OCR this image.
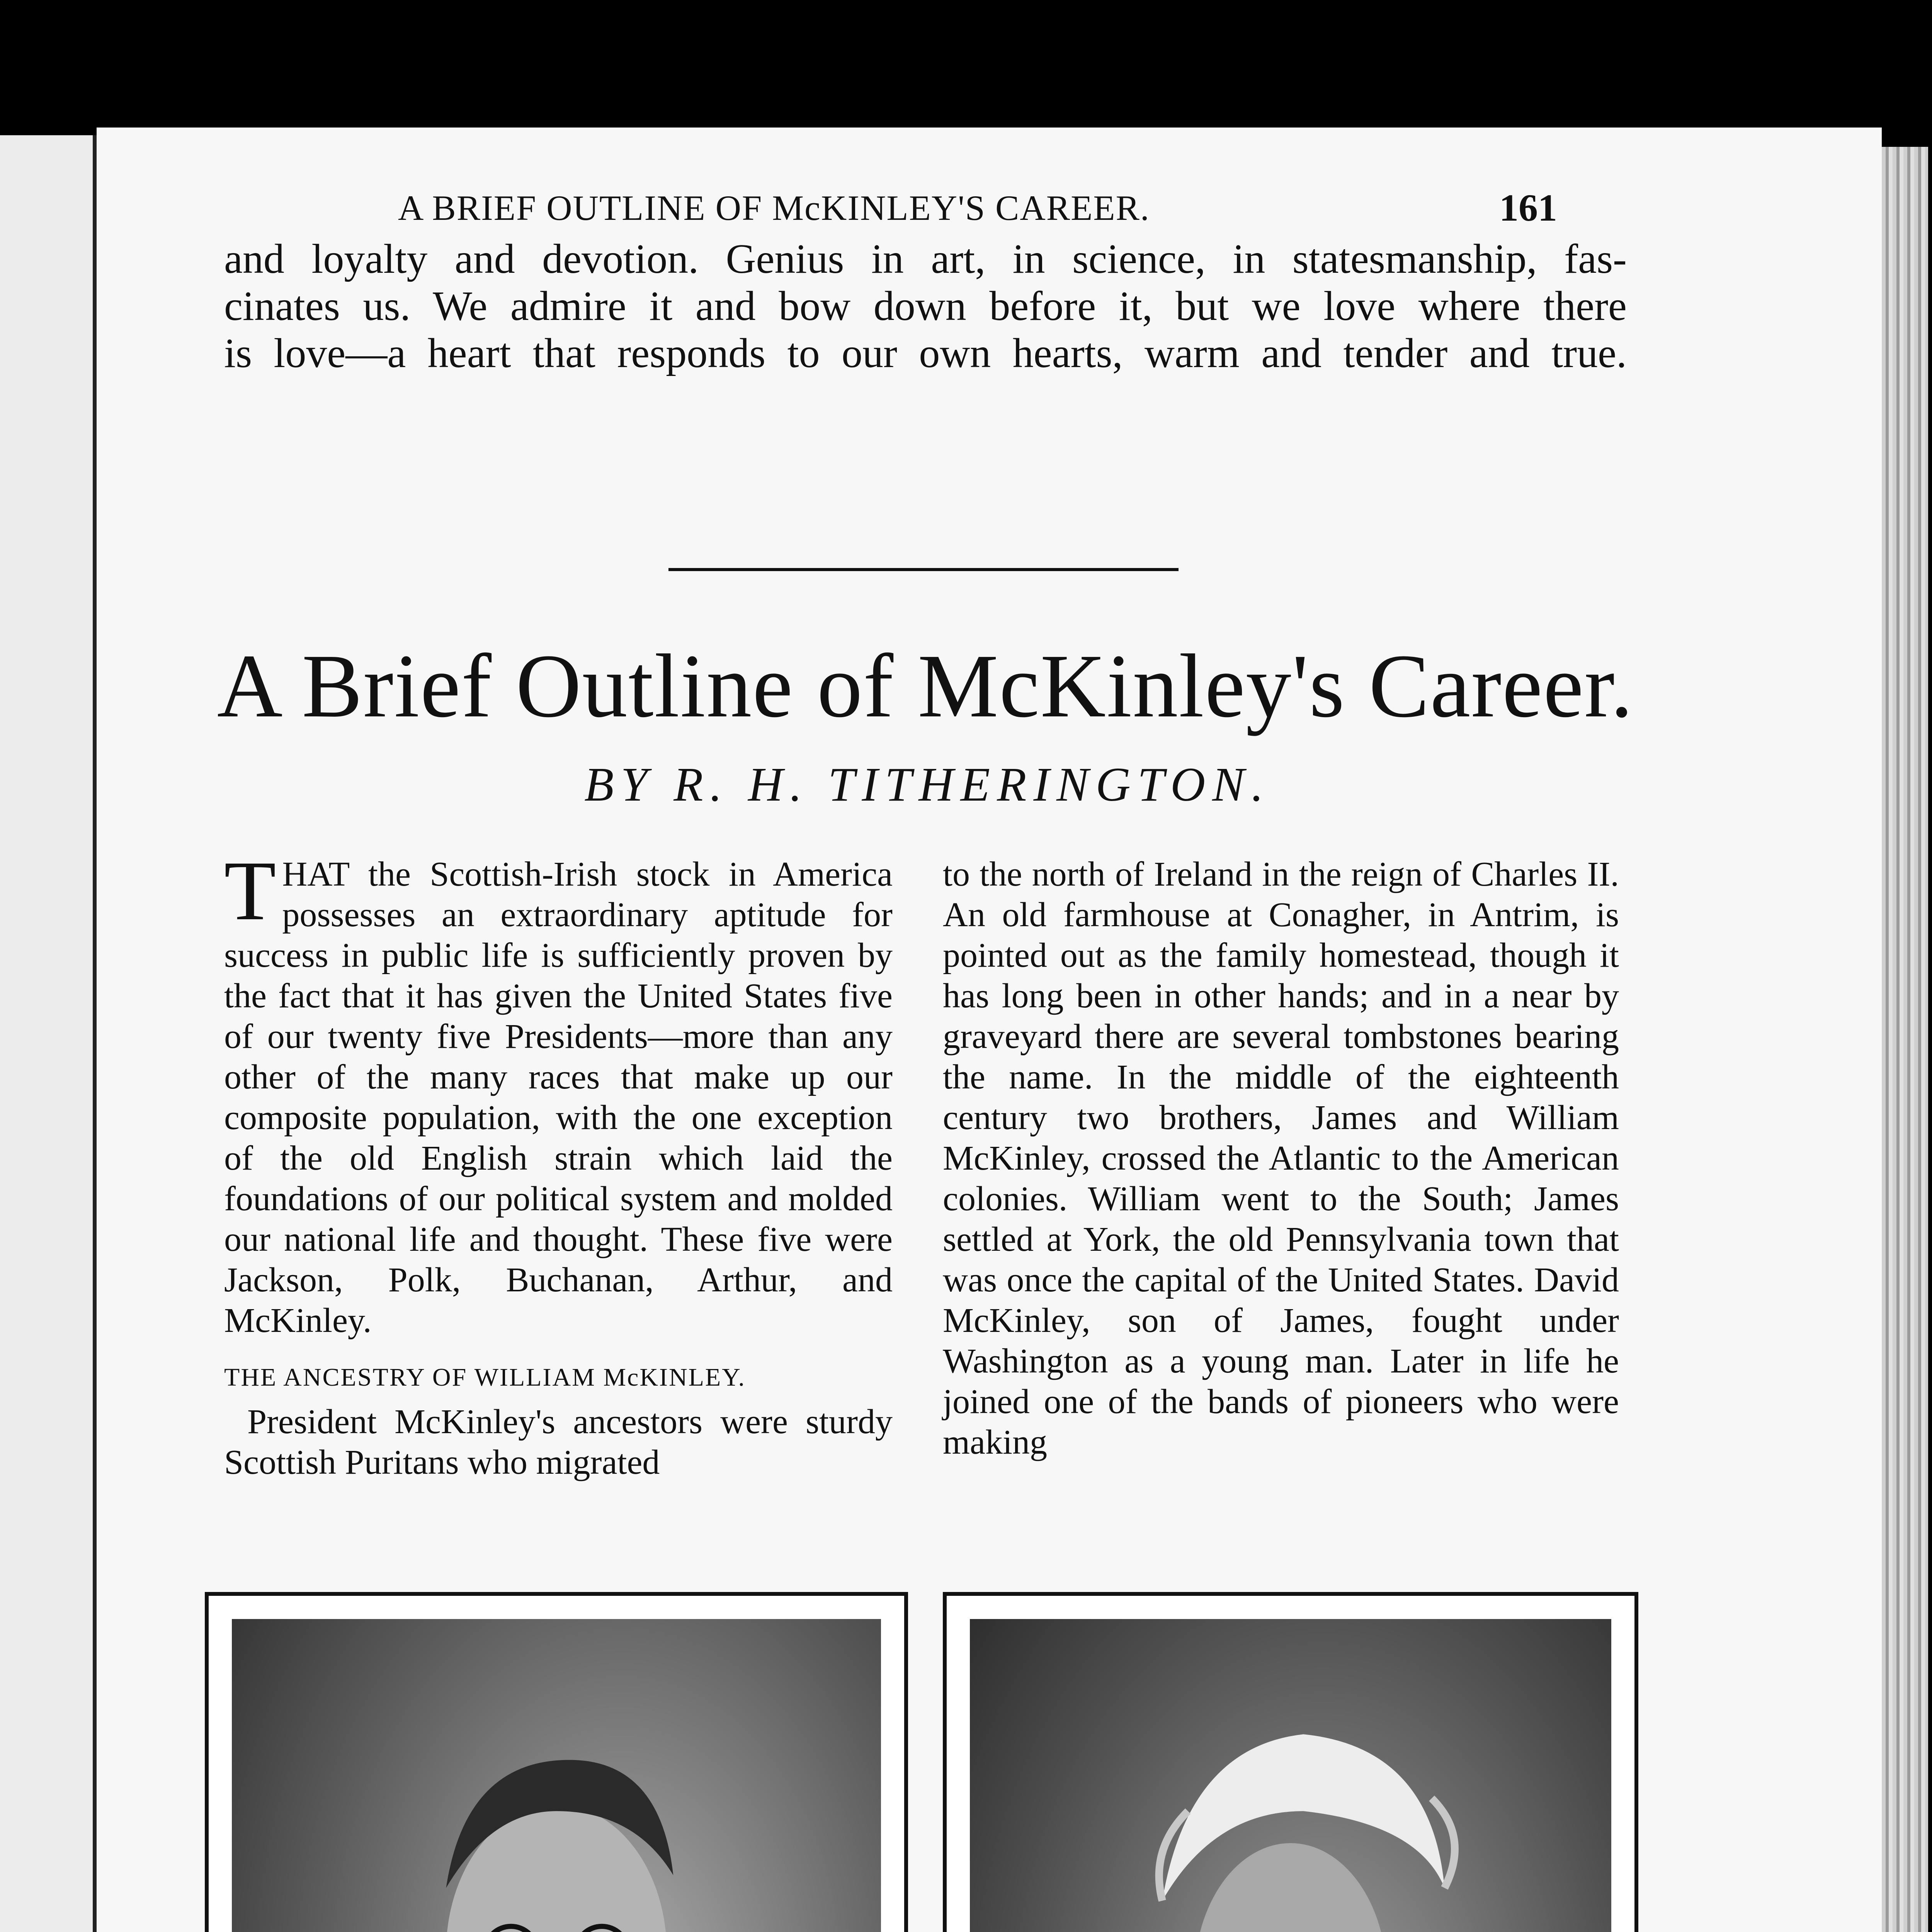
A BRIEF OUTLINE OF McKINLEY'S CAREER.	161
and loyalty and devotion. Genius in art, in science, in statesmanship, fas-
cinates us. We admire it and bow down before it, but we love where there
is love—a heart that responds to our own hearts, warm and tender and true.
A Brief Outline of McKinley's Career.
BY R. H. TITHERINGTON.

THAT the Scottish-Irish stock in America possesses an extraordinary aptitude for success in public life is sufficiently proven by the fact that it has given the United States five of our twenty five Presidents—more than any other of the many races that make up our composite population, with the one exception of the old English strain which laid the foundations of our political system and molded our national life and thought. These five were Jackson, Polk, Buchanan, Arthur, and McKinley.

THE ANCESTRY OF WILLIAM McKINLEY.

President McKinley's ancestors were sturdy Scottish Puritans who migrated

to the north of Ireland in the reign of Charles II. An old farmhouse at Conagher, in Antrim, is pointed out as the family homestead, though it has long been in other hands; and in a near by graveyard there are several tombstones bearing the name. In the middle of the eighteenth century two brothers, James and William McKinley, crossed the Atlantic to the American colonies. William went to the South; James settled at York, the old Pennsylvania town that was once the capital of the United States. David McKinley, son of James, fought under Washington as a young man. Later in life he joined one of the bands of pioneers who were making
